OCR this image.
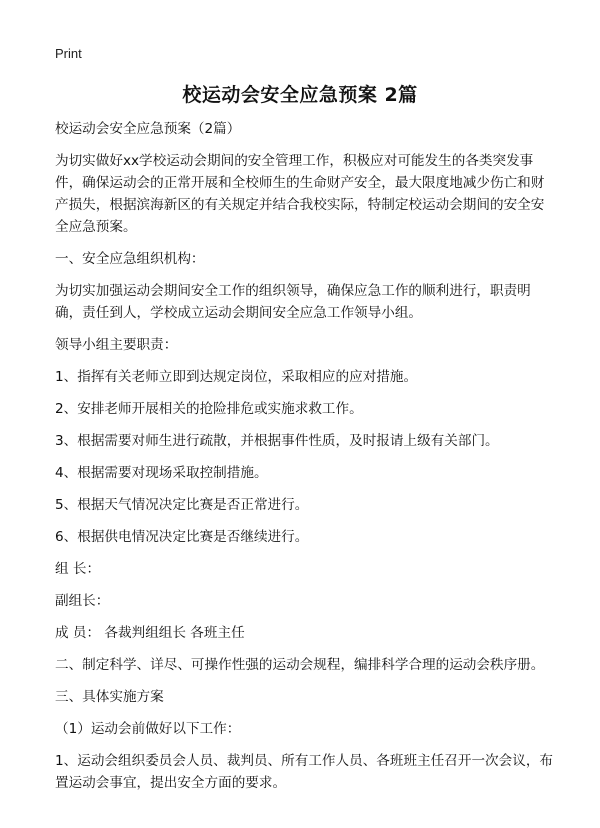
Print
校运动会安全应急预案 2篇

校运动会安全应急预案（2篇）

为切实做好xx学校运动会期间的安全管理工作，积极应对可能发生的各类突发事件，确保运动会的正常开展和全校师生的生命财产安全，最大限度地减少伤亡和财产损失，根据滨海新区的有关规定并结合我校实际，特制定校运动会期间的安全安全应急预案。

一、安全应急组织机构：

为切实加强运动会期间安全工作的组织领导，确保应急工作的顺利进行，职责明确，责任到人，学校成立运动会期间安全应急工作领导小组。

领导小组主要职责：

1、指挥有关老师立即到达规定岗位，采取相应的应对措施。

2、安排老师开展相关的抢险排危或实施求救工作。

3、根据需要对师生进行疏散，并根据事件性质，及时报请上级有关部门。

4、根据需要对现场采取控制措施。

5、根据天气情况决定比赛是否正常进行。

6、根据供电情况决定比赛是否继续进行。

组 长：

副组长：

成 员： 各裁判组组长 各班主任

二、制定科学、详尽、可操作性强的运动会规程，编排科学合理的运动会秩序册。

三、具体实施方案

（1）运动会前做好以下工作：

1、运动会组织委员会人员、裁判员、所有工作人员、各班班主任召开一次会议，布置运动会事宜，提出安全方面的要求。
